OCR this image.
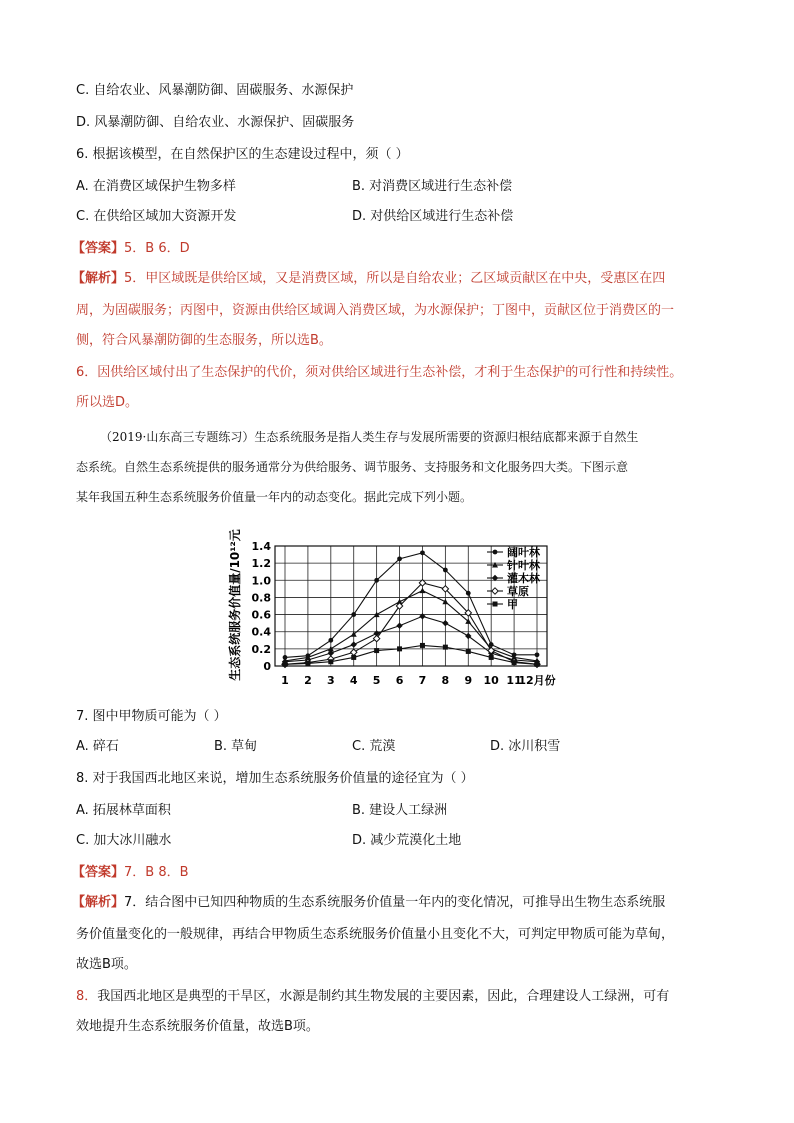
C. 自给农业、风暴潮防御、固碳服务、水源保护
D. 风暴潮防御、自给农业、水源保护、固碳服务
6. 根据该模型，在自然保护区的生态建设过程中，须（ ）
A. 在消费区域保护生物多样	B. 对消费区域进行生态补偿
C. 在供给区域加大资源开发	D. 对供给区域进行生态补偿
【答案】5．B 6．D
【解析】5．甲区域既是供给区域，又是消费区域，所以是自给农业；乙区域贡献区在中央，受惠区在四
周，为固碳服务；丙图中，资源由供给区域调入消费区域，为水源保护；丁图中，贡献区位于消费区的一
侧，符合风暴潮防御的生态服务，所以选B。
6．因供给区域付出了生态保护的代价，须对供给区域进行生态补偿，才利于生态保护的可行性和持续性。
所以选D。
（2019·山东高三专题练习）生态系统服务是指人类生存与发展所需要的资源归根结底都来源于自然生
态系统。自然生态系统提供的服务通常分为供给服务、调节服务、支持服务和文化服务四大类。下图示意
某年我国五种生态系统服务价值量一年内的动态变化。据此完成下列小题。
0
0.2
0.4
0.6
0.8
1.0
1.2
1.4
1 2 3 4 5 6 7 8 9 10 11
12月份
阔叶林
针叶林
灌木林
草原
甲
生态系统服务价值量/10¹²元
7. 图中甲物质可能为（ ）
A. 碎石	B. 草甸	C. 荒漠	D. 冰川积雪
8. 对于我国西北地区来说，增加生态系统服务价值量的途径宜为（ ）
A. 拓展林草面积	B. 建设人工绿洲
C. 加大冰川融水	D. 减少荒漠化土地
【答案】7．B 8．B
【解析】7．结合图中已知四种物质的生态系统服务价值量一年内的变化情况，可推导出生物生态系统服
务价值量变化的一般规律，再结合甲物质生态系统服务价值量小且变化不大，可判定甲物质可能为草甸，
故选B项。
8．我国西北地区是典型的干旱区，水源是制约其生物发展的主要因素，因此，合理建设人工绿洲，可有
效地提升生态系统服务价值量，故选B项。
